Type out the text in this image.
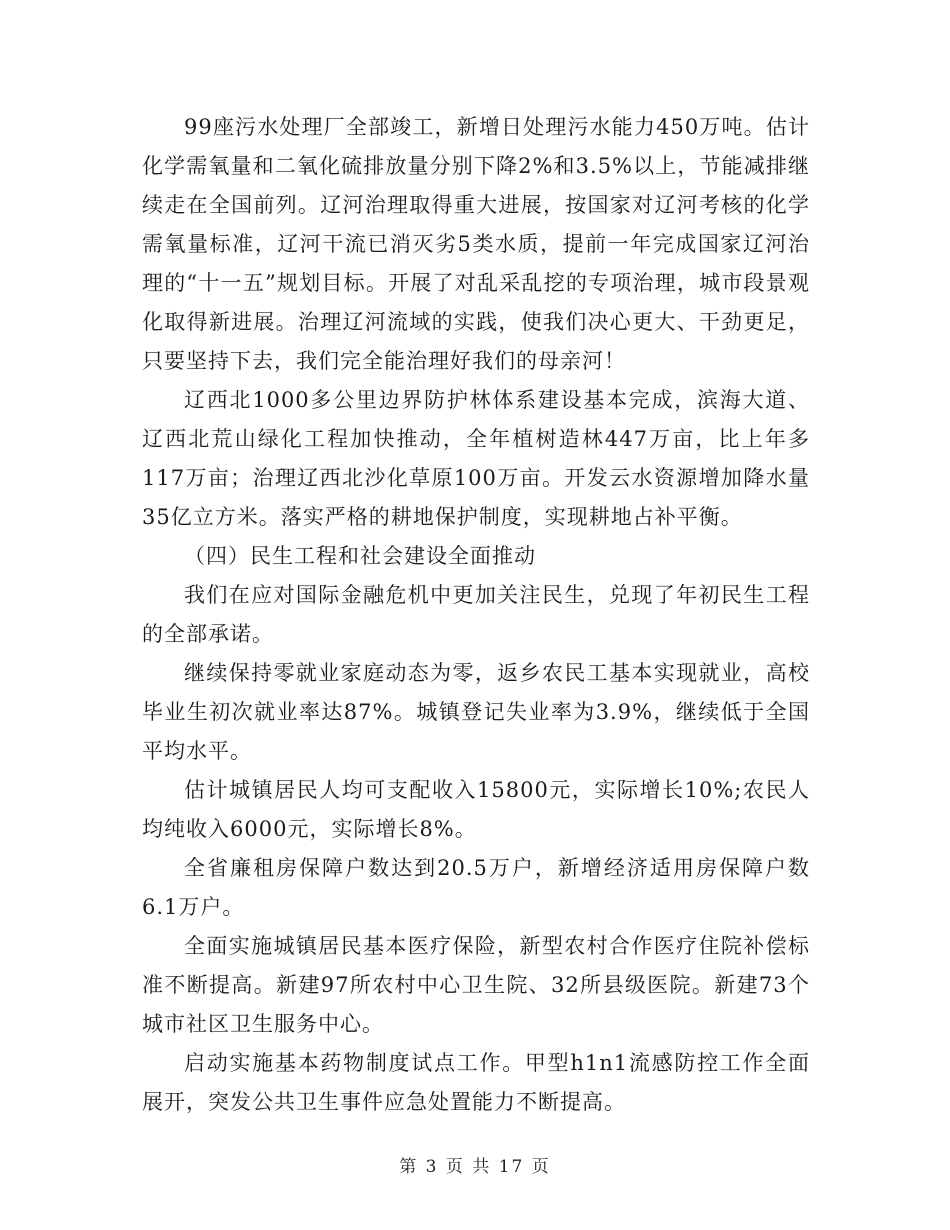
99座污水处理厂全部竣工，新增日处理污水能力450万吨。估计化学需氧量和二氧化硫排放量分别下降2%和3.5%以上，节能减排继续走在全国前列。辽河治理取得重大进展，按国家对辽河考核的化学需氧量标准，辽河干流已消灭劣5类水质，提前一年完成国家辽河治理的“十一五”规划目标。开展了对乱采乱挖的专项治理，城市段景观化取得新进展。治理辽河流域的实践，使我们决心更大、干劲更足，只要坚持下去，我们完全能治理好我们的母亲河！

辽西北1000多公里边界防护林体系建设基本完成，滨海大道、辽西北荒山绿化工程加快推动，全年植树造林447万亩，比上年多117万亩；治理辽西北沙化草原100万亩。开发云水资源增加降水量35亿立方米。落实严格的耕地保护制度，实现耕地占补平衡。

（四）民生工程和社会建设全面推动

我们在应对国际金融危机中更加关注民生，兑现了年初民生工程的全部承诺。

继续保持零就业家庭动态为零，返乡农民工基本实现就业，高校毕业生初次就业率达87%。城镇登记失业率为3.9%，继续低于全国平均水平。

估计城镇居民人均可支配收入15800元，实际增长10%;农民人均纯收入6000元，实际增长8%。

全省廉租房保障户数达到20.5万户，新增经济适用房保障户数6.1万户。

全面实施城镇居民基本医疗保险，新型农村合作医疗住院补偿标准不断提高。新建97所农村中心卫生院、32所县级医院。新建73个城市社区卫生服务中心。

启动实施基本药物制度试点工作。甲型h1n1流感防控工作全面展开，突发公共卫生事件应急处置能力不断提高。

第 3 页 共 17 页
